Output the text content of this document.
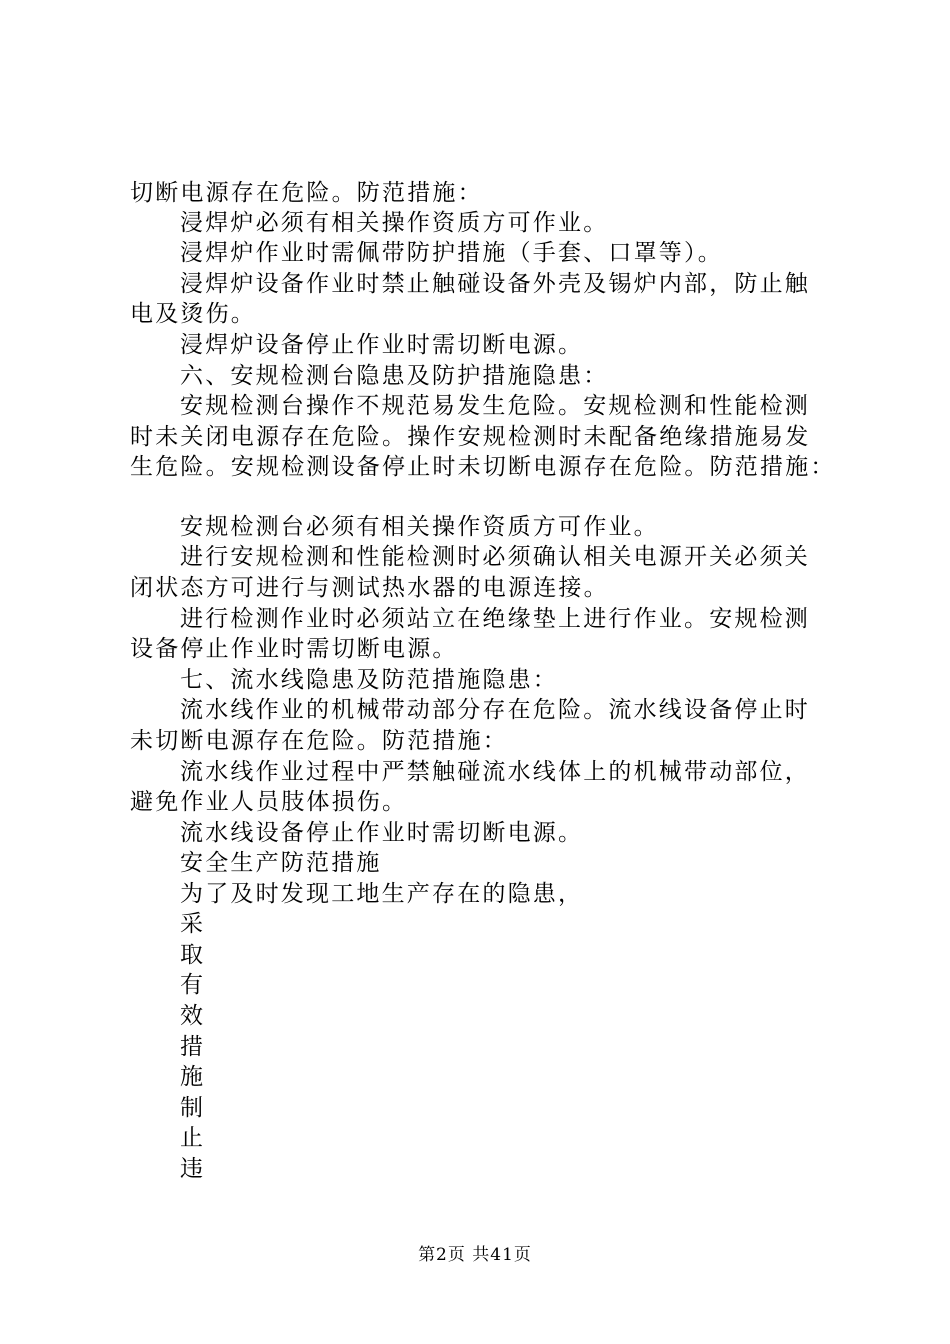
切断电源存在危险。防范措施：
浸焊炉必须有相关操作资质方可作业。
浸焊炉作业时需佩带防护措施（手套、口罩等）。
浸焊炉设备作业时禁止触碰设备外壳及锡炉内部，防止触
电及烫伤。
浸焊炉设备停止作业时需切断电源。
六、安规检测台隐患及防护措施隐患：
安规检测台操作不规范易发生危险。安规检测和性能检测
时未关闭电源存在危险。操作安规检测时未配备绝缘措施易发
生危险。安规检测设备停止时未切断电源存在危险。防范措施：
安规检测台必须有相关操作资质方可作业。
进行安规检测和性能检测时必须确认相关电源开关必须关
闭状态方可进行与测试热水器的电源连接。
进行检测作业时必须站立在绝缘垫上进行作业。安规检测
设备停止作业时需切断电源。
七、流水线隐患及防范措施隐患：
流水线作业的机械带动部分存在危险。流水线设备停止时
未切断电源存在危险。防范措施：
流水线作业过程中严禁触碰流水线体上的机械带动部位，
避免作业人员肢体损伤。
流水线设备停止作业时需切断电源。
安全生产防范措施
为了及时发现工地生产存在的隐患，
采
取
有
效
措
施
制
止
违
第2页 共41页
